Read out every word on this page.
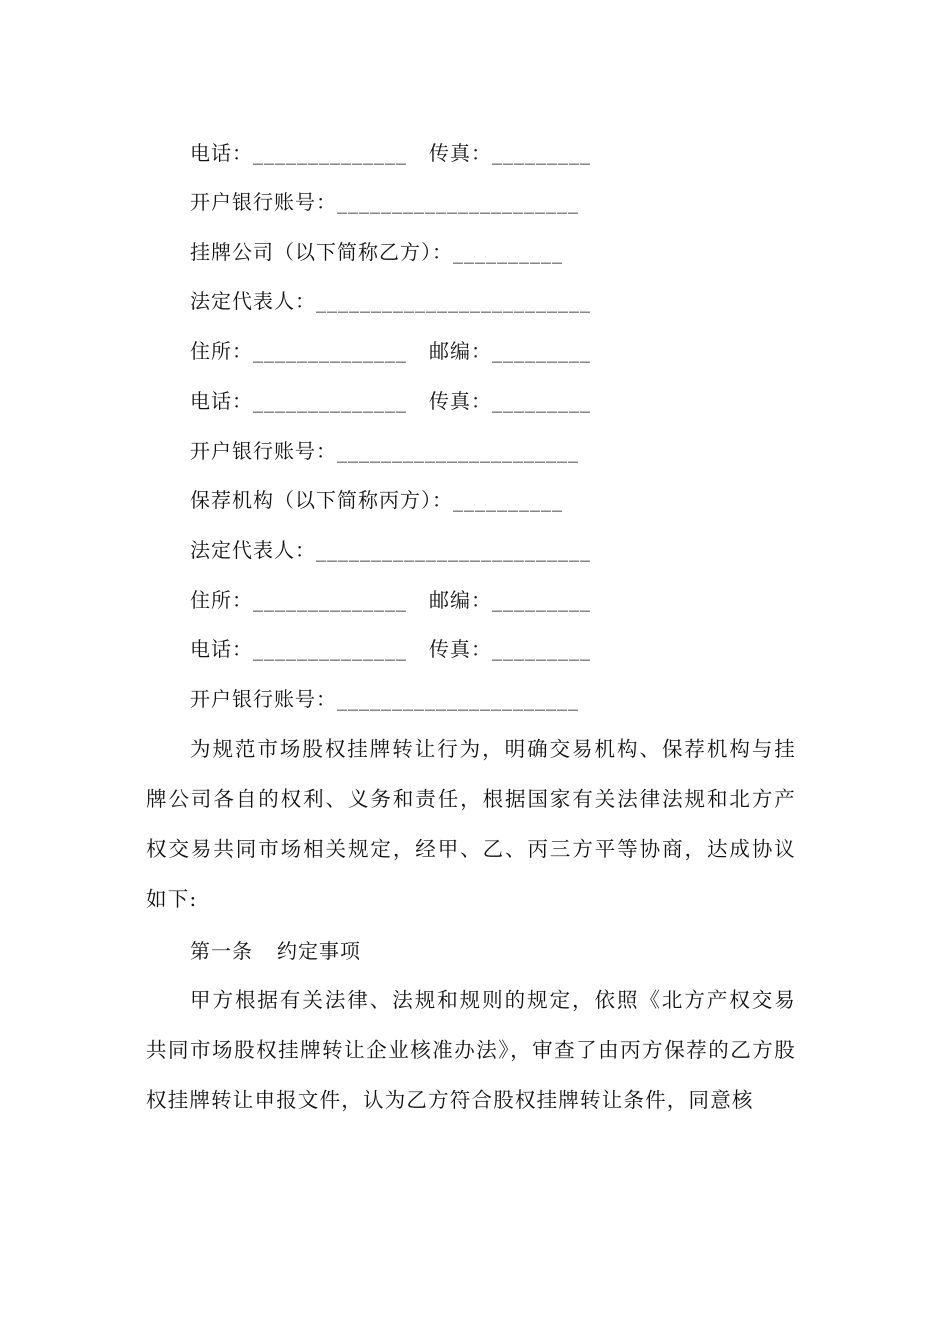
电话：______________ 传真：_________
开户银行账号：______________________
挂牌公司（以下简称乙方）：__________
法定代表人：_________________________
住所：______________ 邮编：_________
电话：______________ 传真：_________
开户银行账号：______________________
保荐机构（以下简称丙方）：__________
法定代表人：_________________________
住所：______________ 邮编：_________
电话：______________ 传真：_________
开户银行账号：______________________

为规范市场股权挂牌转让行为，明确交易机构、保荐机构与挂牌公司各自的权利、义务和责任，根据国家有关法律法规和北方产权交易共同市场相关规定，经甲、乙、丙三方平等协商，达成协议如下:

第一条 约定事项

甲方根据有关法律、法规和规则的规定，依照《北方产权交易共同市场股权挂牌转让企业核准办法》，审查了由丙方保荐的乙方股权挂牌转让申报文件，认为乙方符合股权挂牌转让条件，同意核
